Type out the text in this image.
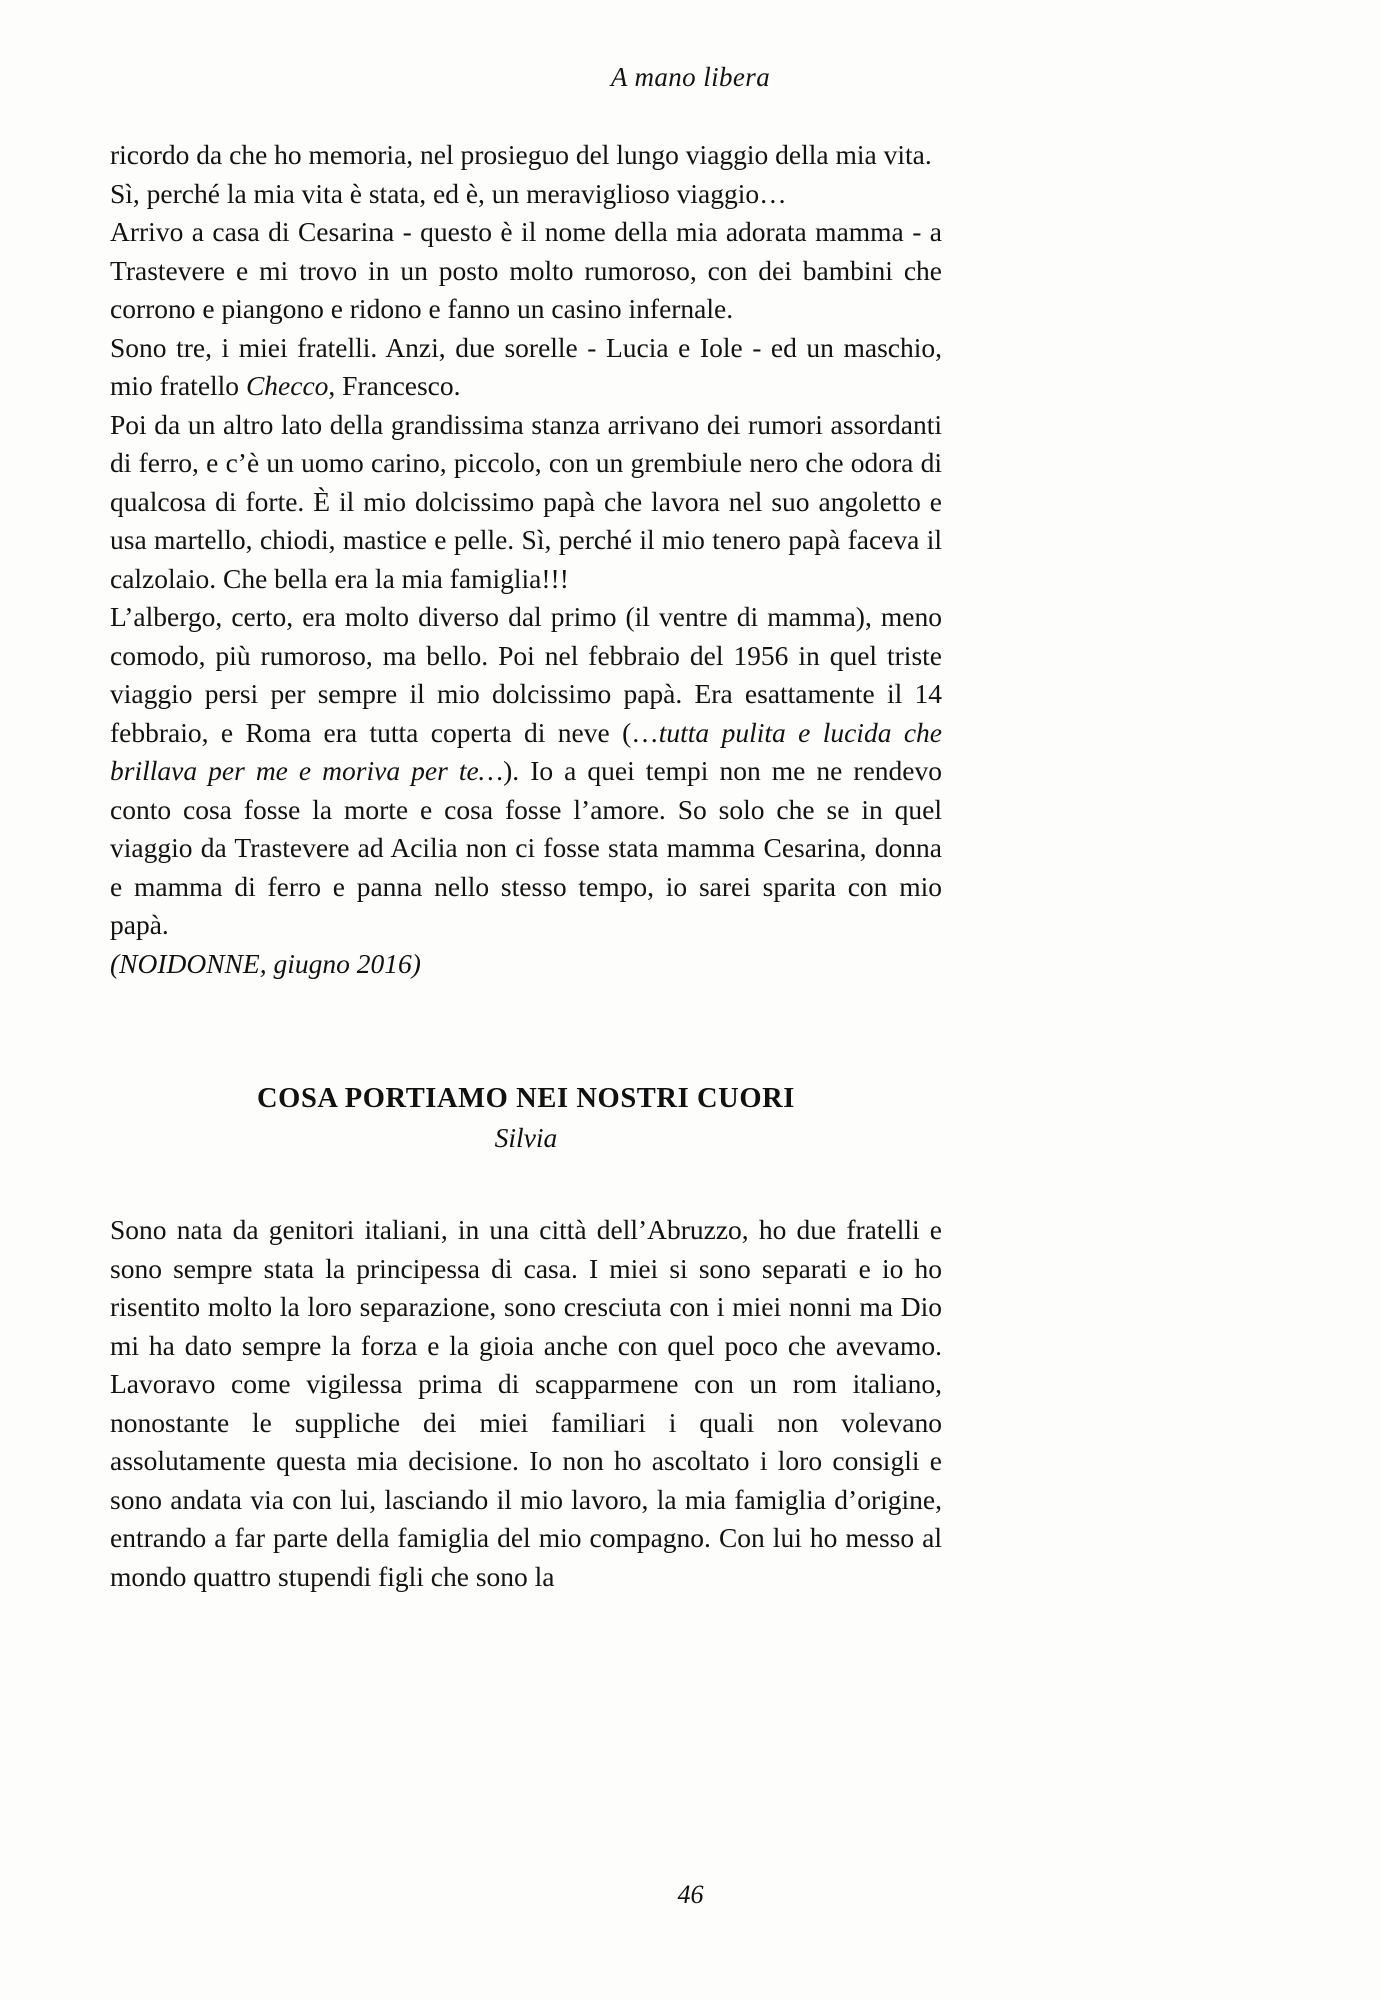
A mano libera

ricordo da che ho memoria, nel prosieguo del lungo viaggio della mia vita.
Sì, perché la mia vita è stata, ed è, un meraviglioso viaggio…

Arrivo a casa di Cesarina - questo è il nome della mia adorata mamma - a Trastevere e mi trovo in un posto molto rumoroso, con dei bambini che corrono e piangono e ridono e fanno un casino infernale.

Sono tre, i miei fratelli. Anzi, due sorelle - Lucia e Iole - ed un maschio, mio fratello Checco, Francesco.

Poi da un altro lato della grandissima stanza arrivano dei rumori assordanti di ferro, e c’è un uomo carino, piccolo, con un grembiule nero che odora di qualcosa di forte. È il mio dolcissimo papà che lavora nel suo angoletto e usa martello, chiodi, mastice e pelle. Sì, perché il mio tenero papà faceva il calzolaio. Che bella era la mia famiglia!!!

L’albergo, certo, era molto diverso dal primo (il ventre di mamma), meno comodo, più rumoroso, ma bello. Poi nel febbraio del 1956 in quel triste viaggio persi per sempre il mio dolcissimo papà. Era esattamente il 14 febbraio, e Roma era tutta coperta di neve (…tutta pulita e lucida che brillava per me e moriva per te…). Io a quei tempi non me ne rendevo conto cosa fosse la morte e cosa fosse l’amore. So solo che se in quel viaggio da Trastevere ad Acilia non ci fosse stata mamma Cesarina, donna e mamma di ferro e panna nello stesso tempo, io sarei sparita con mio papà.

(NOIDONNE, giugno 2016)

COSA PORTIAMO NEI NOSTRI CUORI

Silvia

Sono nata da genitori italiani, in una città dell’Abruzzo, ho due fratelli e sono sempre stata la principessa di casa. I miei si sono separati e io ho risentito molto la loro separazione, sono cresciuta con i miei nonni ma Dio mi ha dato sempre la forza e la gioia anche con quel poco che avevamo. Lavoravo come vigilessa prima di scapparmene con un rom italiano, nonostante le suppliche dei miei familiari i quali non volevano assolutamente questa mia decisione. Io non ho ascoltato i loro consigli e sono andata via con lui, lasciando il mio lavoro, la mia famiglia d’origine, entrando a far parte della famiglia del mio compagno. Con lui ho messo al mondo quattro stupendi figli che sono la

46
